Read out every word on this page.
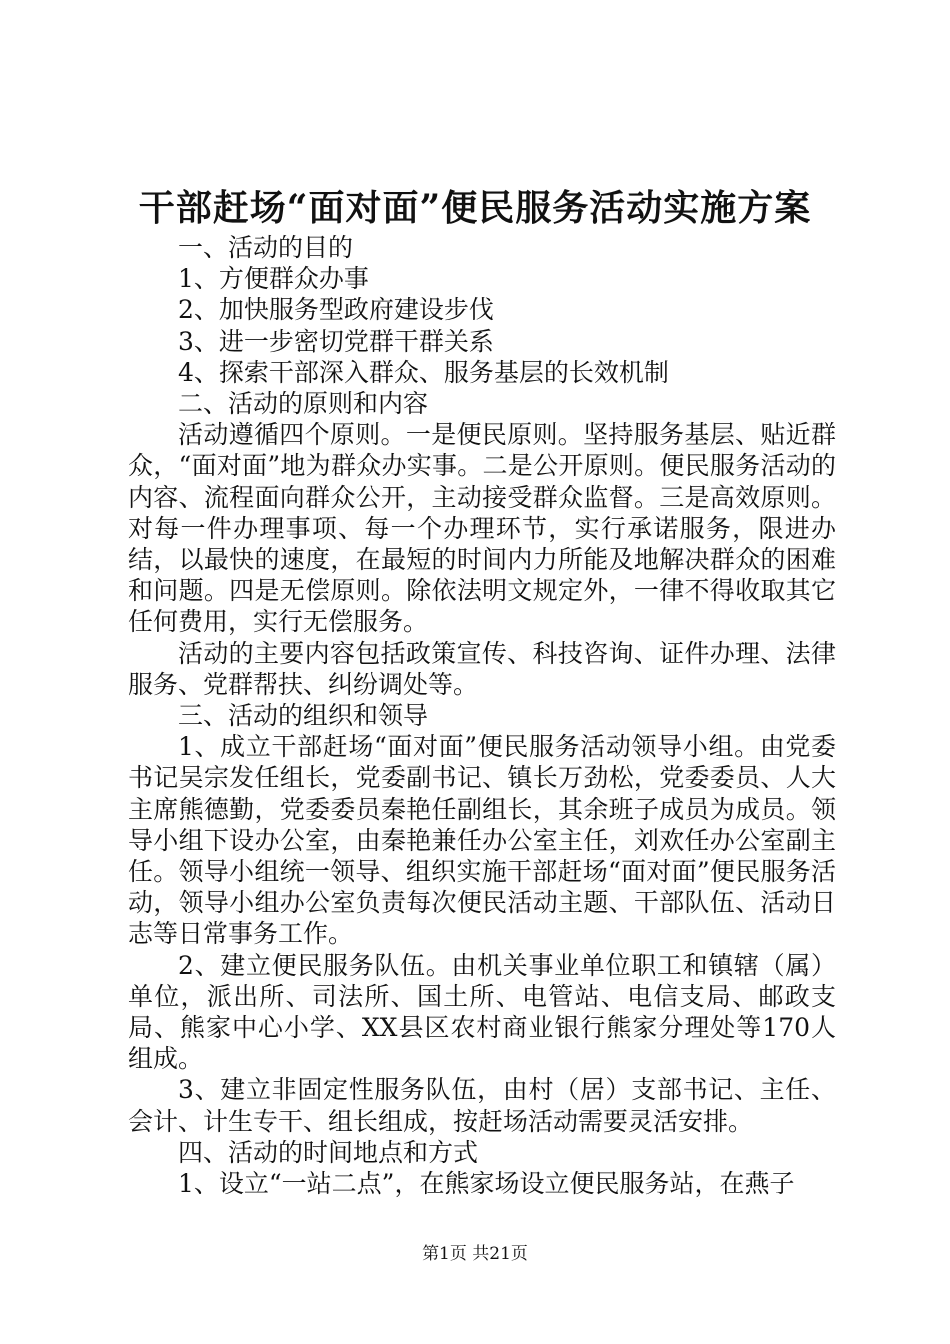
干部赶场“面对面”便民服务活动实施方案

一、活动的目的

1、方便群众办事

2、加快服务型政府建设步伐

3、进一步密切党群干群关系

4、探索干部深入群众、服务基层的长效机制

二、活动的原则和内容

活动遵循四个原则。一是便民原则。坚持服务基层、贴近群众，“面对面”地为群众办实事。二是公开原则。便民服务活动的内容、流程面向群众公开，主动接受群众监督。三是高效原则。对每一件办理事项、每一个办理环节，实行承诺服务，限进办结，以最快的速度，在最短的时间内力所能及地解决群众的困难和问题。四是无偿原则。除依法明文规定外，一律不得收取其它任何费用，实行无偿服务。

活动的主要内容包括政策宣传、科技咨询、证件办理、法律服务、党群帮扶、纠纷调处等。

三、活动的组织和领导

1、成立干部赶场“面对面”便民服务活动领导小组。由党委书记吴宗发任组长，党委副书记、镇长万劲松，党委委员、人大主席熊德勤，党委委员秦艳任副组长，其余班子成员为成员。领导小组下设办公室，由秦艳兼任办公室主任，刘欢任办公室副主任。领导小组统一领导、组织实施干部赶场“面对面”便民服务活动，领导小组办公室负责每次便民活动主题、干部队伍、活动日志等日常事务工作。

2、建立便民服务队伍。由机关事业单位职工和镇辖（属）单位，派出所、司法所、国土所、电管站、电信支局、邮政支局、熊家中心小学、XX县区农村商业银行熊家分理处等170人组成。

3、建立非固定性服务队伍，由村（居）支部书记、主任、会计、计生专干、组长组成，按赶场活动需要灵活安排。

四、活动的时间地点和方式

1、设立“一站二点”，在熊家场设立便民服务站，在燕子

第1页 共21页
